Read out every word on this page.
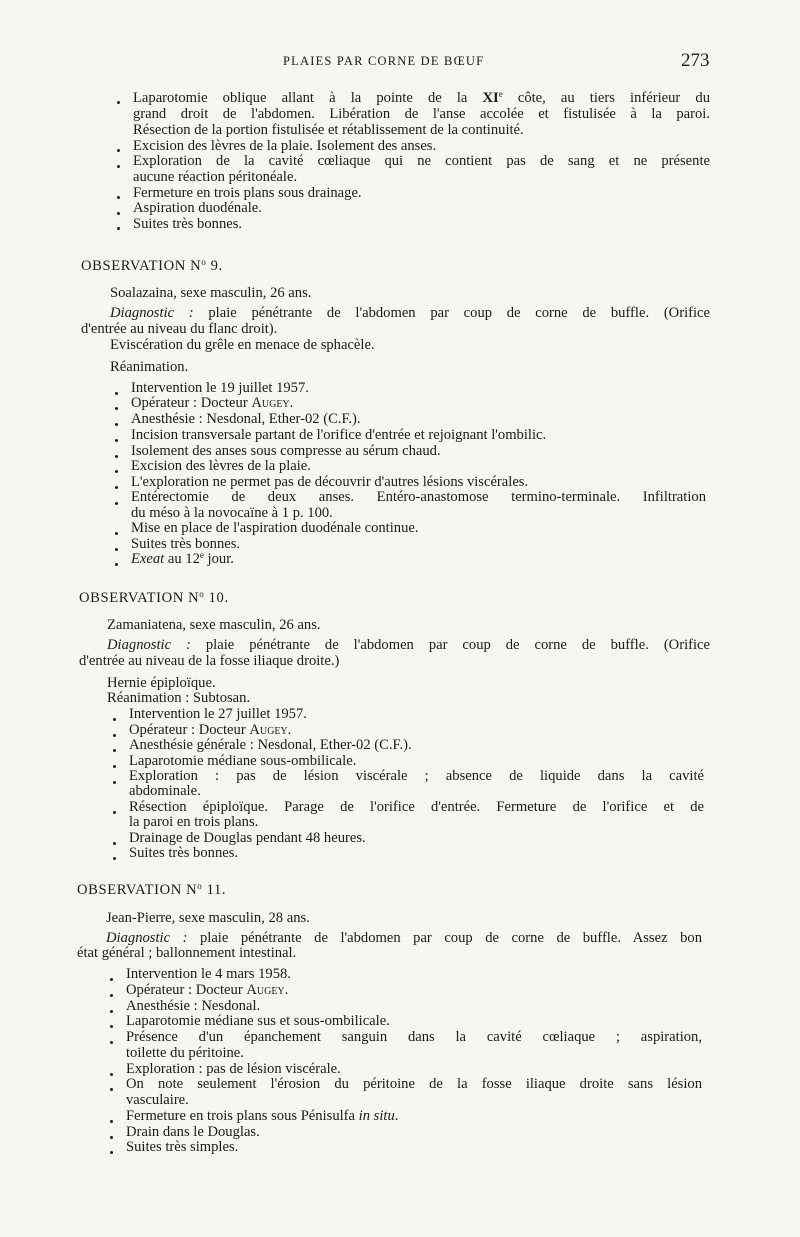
PLAIES PAR CORNE DE BŒUF	273
Laparotomie oblique allant à la pointe de la XIe côte, au tiers inférieur du
grand droit de l'abdomen. Libération de l'anse accolée et fistulisée à la paroi.
Résection de la portion fistulisée et rétablissement de la continuité.
Excision des lèvres de la plaie. Isolement des anses.
Exploration de la cavité cœliaque qui ne contient pas de sang et ne présente
aucune réaction péritonéale.
Fermeture en trois plans sous drainage.
Aspiration duodénale.
Suites très bonnes.
OBSERVATION $N^o$ 9.
Soalazaina, sexe masculin, 26 ans.
Diagnostic : plaie pénétrante de l'abdomen par coup de corne de buffle. (Orifice
d'entrée au niveau du flanc droit).
Eviscération du grêle en menace de sphacèle.
Réanimation.
Intervention le 19 juillet 1957.
Opérateur : Docteur Augey.
Anesthésie : Nesdonal, Ether-02 (C.F.).
Incision transversale partant de l'orifice d'entrée et rejoignant l'ombilic.
Isolement des anses sous compresse au sérum chaud.
Excision des lèvres de la plaie.
L'exploration ne permet pas de découvrir d'autres lésions viscérales.
Entérectomie de deux anses. Entéro-anastomose termino-terminale. Infiltration
du méso à la novocaïne à 1 p. 100.
Mise en place de l'aspiration duodénale continue.
Suites très bonnes.
Exeat au 12e jour.
OBSERVATION $N^o$ 10.
Zamaniatena, sexe masculin, 26 ans.
Diagnostic : plaie pénétrante de l'abdomen par coup de corne de buffle. (Orifice
d'entrée au niveau de la fosse iliaque droite.)
Hernie épiploïque.
Réanimation : Subtosan.
Intervention le 27 juillet 1957.
Opérateur : Docteur Augey.
Anesthésie générale : Nesdonal, Ether-02 (C.F.).
Laparotomie médiane sous-ombilicale.
Exploration : pas de lésion viscérale ; absence de liquide dans la cavité
abdominale.
Résection épiploïque. Parage de l'orifice d'entrée. Fermeture de l'orifice et de
la paroi en trois plans.
Drainage de Douglas pendant 48 heures.
Suites très bonnes.
OBSERVATION $N^o$ 11.
Jean-Pierre, sexe masculin, 28 ans.
Diagnostic : plaie pénétrante de l'abdomen par coup de corne de buffle. Assez bon
état général ; ballonnement intestinal.
Intervention le 4 mars 1958.
Opérateur : Docteur Augey.
Anesthésie : Nesdonal.
Laparotomie médiane sus et sous-ombilicale.
Présence d'un épanchement sanguin dans la cavité cœliaque ; aspiration,
toilette du péritoine.
Exploration : pas de lésion viscérale.
On note seulement l'érosion du péritoine de la fosse iliaque droite sans lésion
vasculaire.
Fermeture en trois plans sous Pénisulfa in situ.
Drain dans le Douglas.
Suites très simples.
